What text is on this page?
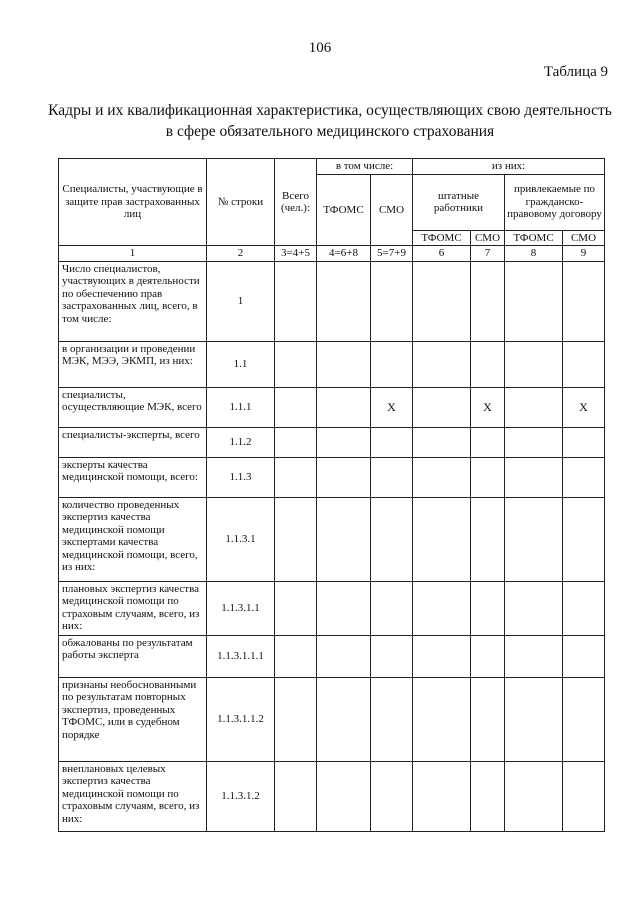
106
Таблица 9
Кадры и их квалификационная характеристика, осуществляющих свою деятельность
в сфере обязательного медицинского страхования
Специалисты, участвующие в защите прав застрахованных лиц	№ строки	Всего (чел.):	в том числе:		из них:			
			ТФОМС	СМО	штатные работники		привлекаемые по гражданско-правовому договору	

					ТФОМС	СМО	ТФОМС	СМО
1	2	3=4+5	4=6+8	5=7+9	6	7	8	9
Число специалистов, участвующих в деятельности по обеспечению прав застрахованных лиц, всего, в том числе:	1							
в организации и проведении МЭК, МЭЭ, ЭКМП, из них:	1.1							
специалисты, осуществляющие МЭК, всего	1.1.1			X		X		X
специалисты-эксперты, всего	1.1.2							
эксперты качества медицинской помощи, всего:	1.1.3							
количество проведенных экспертиз качества медицинской помощи экспертами качества медицинской помощи, всего, из них:	1.1.3.1							
плановых экспертиз качества медицинской помощи по страховым случаям, всего, из них:	1.1.3.1.1							
обжалованы по результатам работы эксперта	1.1.3.1.1.1							
признаны необоснованными по результатам повторных экспертиз, проведенных ТФОМС, или в судебном порядке	1.1.3.1.1.2							
внеплановых целевых экспертиз качества медицинской помощи по страховым случаям, всего, из них:	1.1.3.1.2							
